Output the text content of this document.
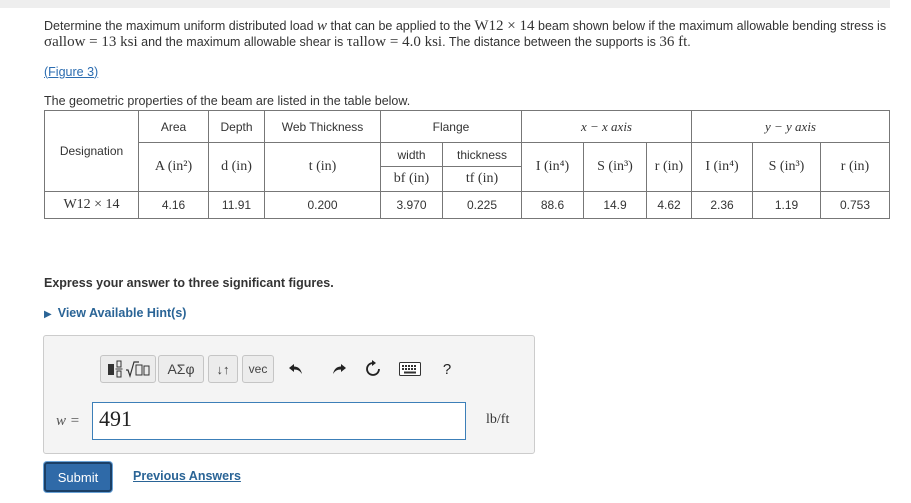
Determine the maximum uniform distributed load w that can be applied to the W12 × 14 beam shown below if the maximum allowable bending stress is σallow = 13 ksi and the maximum allowable shear is τallow = 4.0 ksi. The distance between the supports is 36 ft.
(Figure 3)
The geometric properties of the beam are listed in the table below.
Designation	Area	Depth	Web Thickness	Flange		x − x axis			y − y axis		
	A (in²)	d (in)	t (in)	width	thickness	I (in⁴)	S (in³)	r (in)	I (in⁴)	S (in³)	r (in)
				bf (in)	tf (in)						
W12 × 14	4.16	11.91	0.200	3.970	0.225	88.6	14.9	4.62	2.36	1.19	0.753
Express your answer to three significant figures.
▶ View Available Hint(s)
ΑΣφ	↓↑	vec	?
w = 491	lb/ft
Submit	Previous Answers
